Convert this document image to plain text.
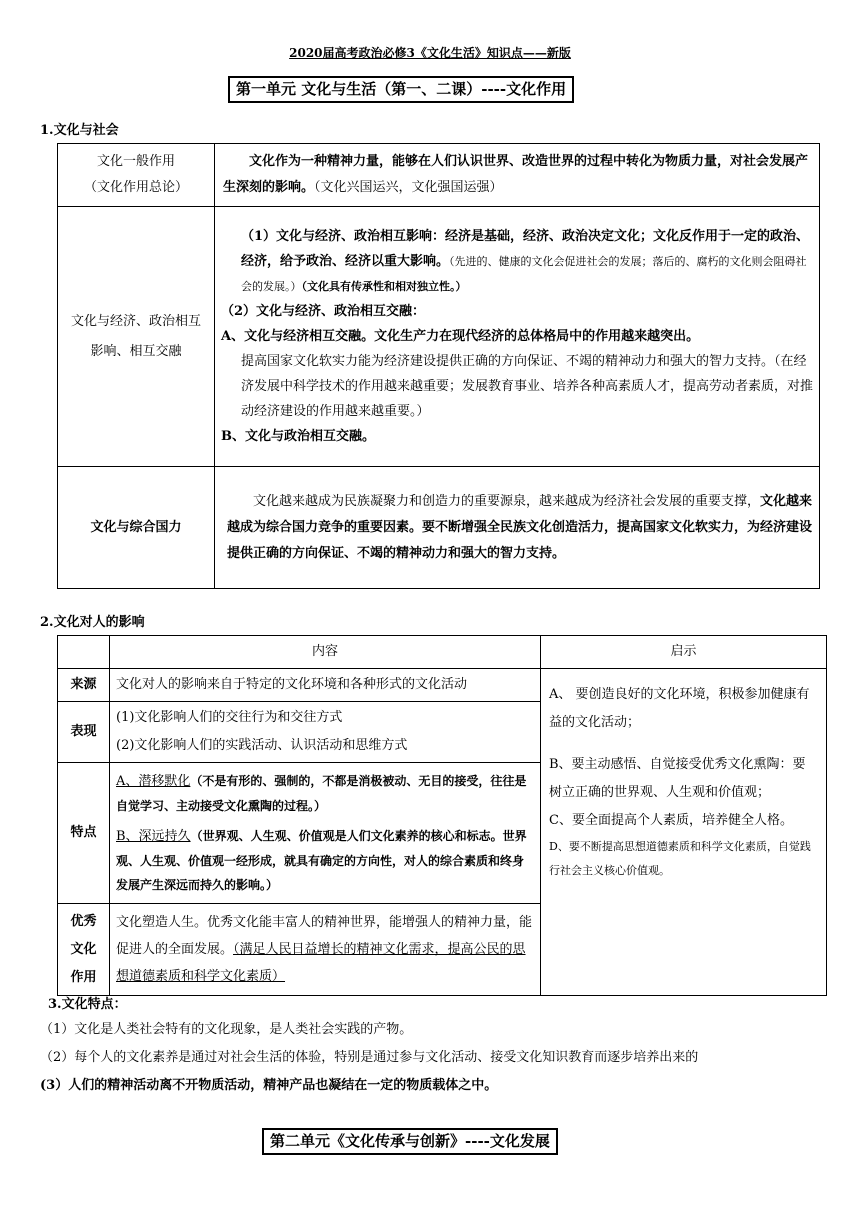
2020届高考政治必修3《文化生活》知识点——新版
第一单元 文化与生活（第一、二课）----文化作用
1.文化与社会
文化一般作用
（文化作用总论）	文化作为一种精神力量，能够在人们认识世界、改造世界的过程中转化为物质力量，对社会发展产生深刻的影响。（文化兴国运兴，文化强国运强）
文化与经济、政治相互影响、相互交融	（1）文化与经济、政治相互影响：经济是基础，经济、政治决定文化；文化反作用于一定的政治、经济，给予政治、经济以重大影响。（先进的、健康的文化会促进社会的发展；落后的、腐朽的文化则会阻碍社会的发展。）（文化具有传承性和相对独立性。）
（2）文化与经济、政治相互交融：
A、文化与经济相互交融。文化生产力在现代经济的总体格局中的作用越来越突出。
提高国家文化软实力能为经济建设提供正确的方向保证、不竭的精神动力和强大的智力支持。（在经济发展中科学技术的作用越来越重要；发展教育事业、培养各种高素质人才，提高劳动者素质，对推动经济建设的作用越来越重要。）
B、文化与政治相互交融。

文化与综合国力	文化越来越成为民族凝聚力和创造力的重要源泉，越来越成为经济社会发展的重要支撑，文化越来越成为综合国力竞争的重要因素。要不断增强全民族文化创造活力，提高国家文化软实力，为经济建设提供正确的方向保证、不竭的精神动力和强大的智力支持。
2.文化对人的影响
	内容	启示
来源	文化对人的影响来自于特定的文化环境和各种形式的文化活动	A、 要创造良好的文化环境，积极参加健康有益的文化活动；
B、要主动感悟、自觉接受优秀文化熏陶：要树立正确的世界观、人生观和价值观；
C、要全面提高个人素质，培养健全人格。
D、要不断提高思想道德素质和科学文化素质，自觉践行社会主义核心价值观。

表现	(1)文化影响人们的交往行为和交往方式
(2)文化影响人们的实践活动、认识活动和思维方式	

特点	A、潜移默化（不是有形的、强制的，不都是消极被动、无目的接受，往往是自觉学习、主动接受文化熏陶的过程。）
B、深远持久（世界观、人生观、价值观是人们文化素养的核心和标志。世界观、人生观、价值观一经形成，就具有确定的方向性，对人的综合素质和终身发展产生深远而持久的影响。）	

优秀
文化
作用	文化塑造人生。优秀文化能丰富人的精神世界，能增强人的精神力量，能促进人的全面发展。（满足人民日益增长的精神文化需求，提高公民的思想道德素质和科学文化素质）	
3.文化特点：
（1）文化是人类社会特有的文化现象，是人类社会实践的产物。
（2）每个人的文化素养是通过对社会生活的体验，特别是通过参与文化活动、接受文化知识教育而逐步培养出来的
(3）人们的精神活动离不开物质活动，精神产品也凝结在一定的物质载体之中。
第二单元《文化传承与创新》----文化发展
